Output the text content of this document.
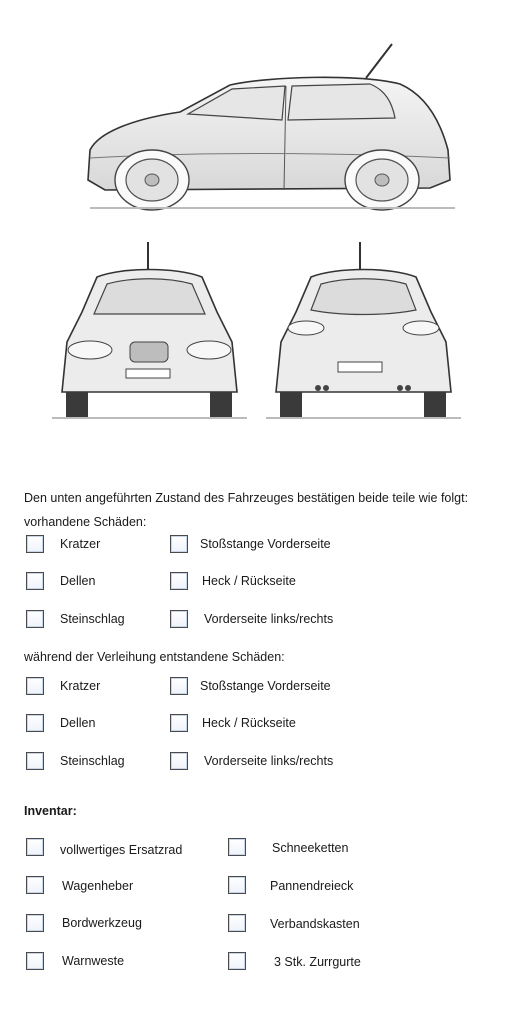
Den unten angeführten Zustand des Fahrzeuges bestätigen beide teile wie folgt:
vorhandene Schäden:
Kratzer	Stoßstange Vorderseite
Dellen	Heck / Rückseite
Steinschlag	Vorderseite links/rechts
während der Verleihung entstandene Schäden:
Kratzer	Stoßstange Vorderseite
Dellen	Heck / Rückseite
Steinschlag	Vorderseite links/rechts
Inventar:
vollwertiges Ersatzrad	Schneeketten
Wagenheber	Pannendreieck
Bordwerkzeug	Verbandskasten
Warnweste	3 Stk. Zurrgurte
